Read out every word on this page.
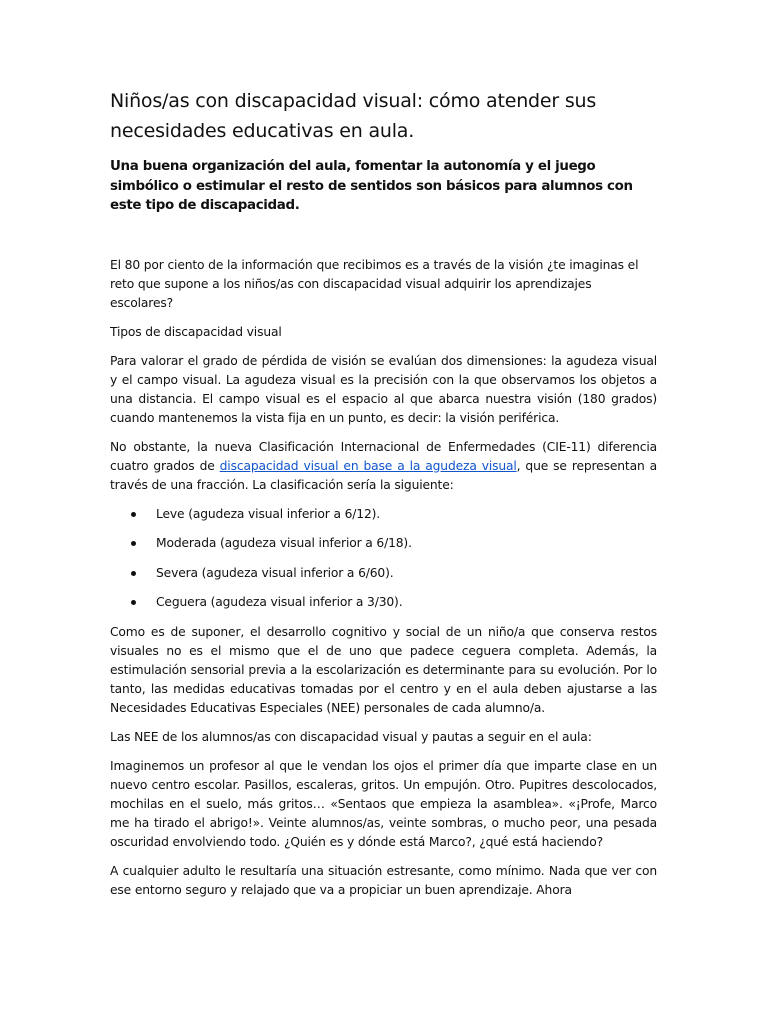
Niños/as con discapacidad visual: cómo atender sus necesidades educativas en aula.

Una buena organización del aula, fomentar la autonomía y el juego simbólico o estimular el resto de sentidos son básicos para alumnos con este tipo de discapacidad.

El 80 por ciento de la información que recibimos es a través de la visión ¿te imaginas el reto que supone a los niños/as con discapacidad visual adquirir los aprendizajes escolares?

Tipos de discapacidad visual

Para valorar el grado de pérdida de visión se evalúan dos dimensiones: la agudeza visual y el campo visual. La agudeza visual es la precisión con la que observamos los objetos a una distancia. El campo visual es el espacio al que abarca nuestra visión (180 grados) cuando mantenemos la vista fija en un punto, es decir: la visión periférica.

No obstante, la nueva Clasificación Internacional de Enfermedades (CIE-11) diferencia cuatro grados de discapacidad visual en base a la agudeza visual, que se representan a través de una fracción. La clasificación sería la siguiente:

Leve (agudeza visual inferior a 6/12).
Moderada (agudeza visual inferior a 6/18).
Severa (agudeza visual inferior a 6/60).
Ceguera (agudeza visual inferior a 3/30).

Como es de suponer, el desarrollo cognitivo y social de un niño/a que conserva restos visuales no es el mismo que el de uno que padece ceguera completa. Además, la estimulación sensorial previa a la escolarización es determinante para su evolución. Por lo tanto, las medidas educativas tomadas por el centro y en el aula deben ajustarse a las Necesidades Educativas Especiales (NEE) personales de cada alumno/a.

Las NEE de los alumnos/as con discapacidad visual y pautas a seguir en el aula:

Imaginemos un profesor al que le vendan los ojos el primer día que imparte clase en un nuevo centro escolar. Pasillos, escaleras, gritos. Un empujón. Otro. Pupitres descolocados, mochilas en el suelo, más gritos… «Sentaos que empieza la asamblea». «¡Profe, Marco me ha tirado el abrigo!». Veinte alumnos/as, veinte sombras, o mucho peor, una pesada oscuridad envolviendo todo. ¿Quién es y dónde está Marco?, ¿qué está haciendo?

A cualquier adulto le resultaría una situación estresante, como mínimo. Nada que ver con ese entorno seguro y relajado que va a propiciar un buen aprendizaje. Ahora
